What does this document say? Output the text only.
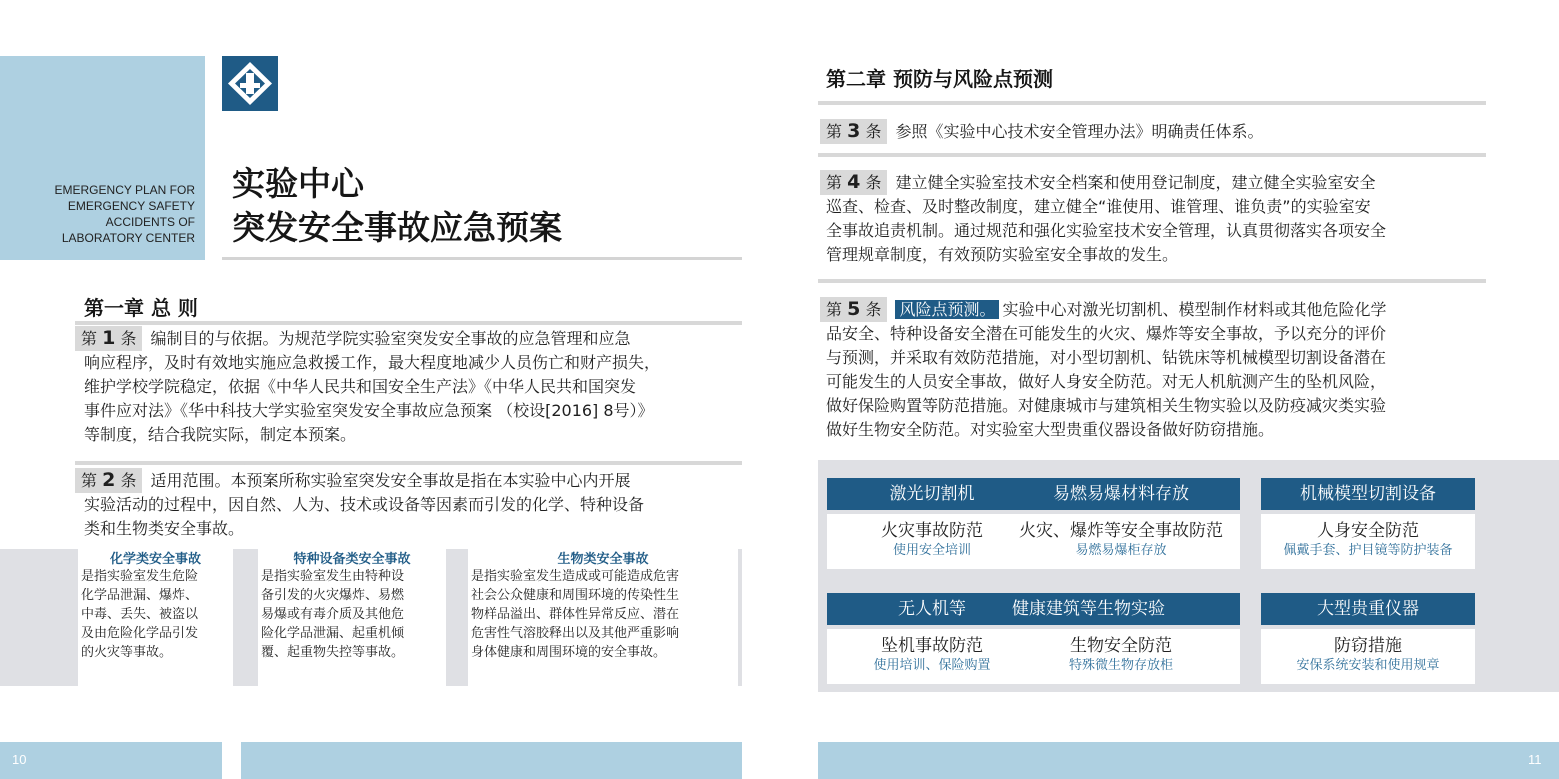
EMERGENCY PLAN FOR
EMERGENCY SAFETY
ACCIDENTS OF
LABORATORY CENTER
实验中心
突发安全事故应急预案
第一章 总 则
第 1 条 编制目的与依据。为规范学院实验室突发安全事故的应急管理和应急
响应程序，及时有效地实施应急救援工作，最大程度地减少人员伤亡和财产损失，
维护学校学院稳定，依据《中华人民共和国安全生产法》《中华人民共和国突发
事件应对法》《华中科技大学实验室突发安全事故应急预案 （校设[2016] 8号）》
等制度，结合我院实际，制定本预案。
第 2 条 适用范围。本预案所称实验室突发安全事故是指在本实验中心内开展
实验活动的过程中，因自然、人为、技术或设备等因素而引发的化学、特种设备
类和生物类安全事故。
化学类安全事故
是指实验室发生危险
化学品泄漏、爆炸、
中毒、丢失、被盗以
及由危险化学品引发
的火灾等事故。
特种设备类安全事故
是指实验室发生由特种设
备引发的火灾爆炸、易燃
易爆或有毒介质及其他危
险化学品泄漏、起重机倾
覆、起重物失控等事故。
生物类安全事故
是指实验室发生造成或可能造成危害
社会公众健康和周围环境的传染性生
物样品溢出、群体性异常反应、潜在
危害性气溶胶释出以及其他严重影响
身体健康和周围环境的安全事故。
10
第二章 预防与风险点预测
第 3 条 参照《实验中心技术安全管理办法》明确责任体系。
第 4 条 建立健全实验室技术安全档案和使用登记制度，建立健全实验室安全
巡查、检查、及时整改制度，建立健全“谁使用、谁管理、谁负责”的实验室安
全事故追责机制。通过规范和强化实验室技术安全管理，认真贯彻落实各项安全
管理规章制度，有效预防实验室安全事故的发生。
第 5 条 风险点预测。 实验中心对激光切割机、模型制作材料或其他危险化学
品安全、特种设备安全潜在可能发生的火灾、爆炸等安全事故，予以充分的评价
与预测，并采取有效防范措施，对小型切割机、钻铣床等机械模型切割设备潜在
可能发生的人员安全事故，做好人身安全防范。对无人机航测产生的坠机风险，
做好保险购置等防范措施。对健康城市与建筑相关生物实验以及防疫减灾类实验
做好生物安全防范。对实验室大型贵重仪器设备做好防窃措施。
激光切割机
火灾事故防范
使用安全培训
易燃易爆材料存放
火灾、爆炸等安全事故防范
易燃易爆柜存放
机械模型切割设备
人身安全防范
佩戴手套、护目镜等防护装备
无人机等
坠机事故防范
使用培训、保险购置
健康建筑等生物实验
生物安全防范
特殊微生物存放柜
大型贵重仪器
防窃措施
安保系统安装和使用规章
11
